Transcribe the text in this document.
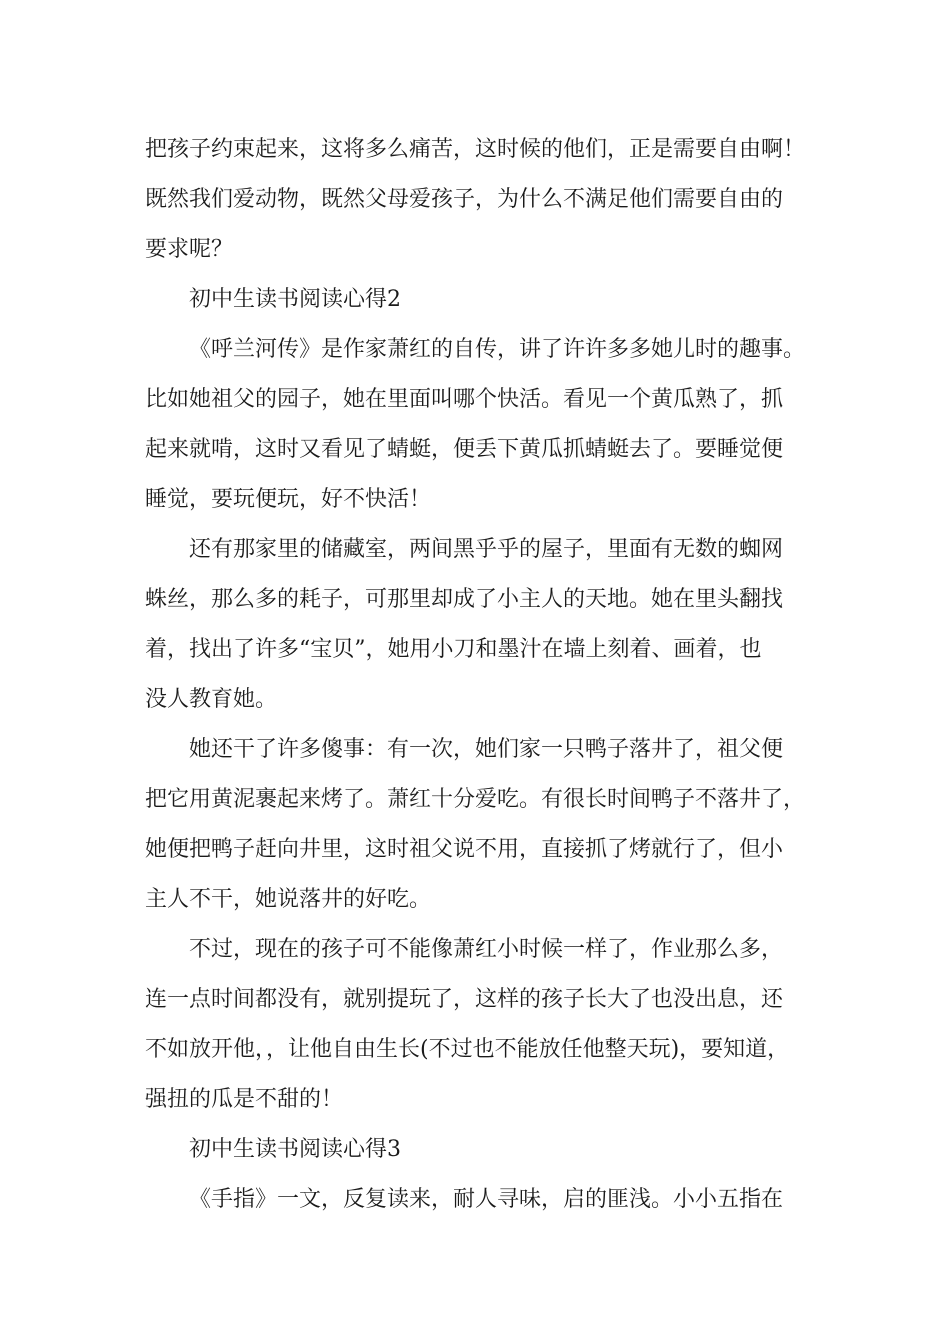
把孩子约束起来，这将多么痛苦，这时候的他们，正是需要自由啊！
既然我们爱动物，既然父母爱孩子，为什么不满足他们需要自由的
要求呢？
初中生读书阅读心得2
《呼兰河传》是作家萧红的自传，讲了许许多多她儿时的趣事。
比如她祖父的园子，她在里面叫哪个快活。看见一个黄瓜熟了，抓
起来就啃，这时又看见了蜻蜓，便丢下黄瓜抓蜻蜓去了。要睡觉便
睡觉，要玩便玩，好不快活！
还有那家里的储藏室，两间黑乎乎的屋子，里面有无数的蜘网
蛛丝，那么多的耗子，可那里却成了小主人的天地。她在里头翻找
着，找出了许多“宝贝”，她用小刀和墨汁在墙上刻着、画着，也
没人教育她。
她还干了许多傻事：有一次，她们家一只鸭子落井了，祖父便
把它用黄泥裹起来烤了。萧红十分爱吃。有很长时间鸭子不落井了，
她便把鸭子赶向井里，这时祖父说不用，直接抓了烤就行了，但小
主人不干，她说落井的好吃。
不过，现在的孩子可不能像萧红小时候一样了，作业那么多，
连一点时间都没有，就别提玩了，这样的孩子长大了也没出息，还
不如放开他，，让他自由生长(不过也不能放任他整天玩)，要知道，
强扭的瓜是不甜的！
初中生读书阅读心得3
《手指》一文，反复读来，耐人寻味，启的匪浅。小小五指在
